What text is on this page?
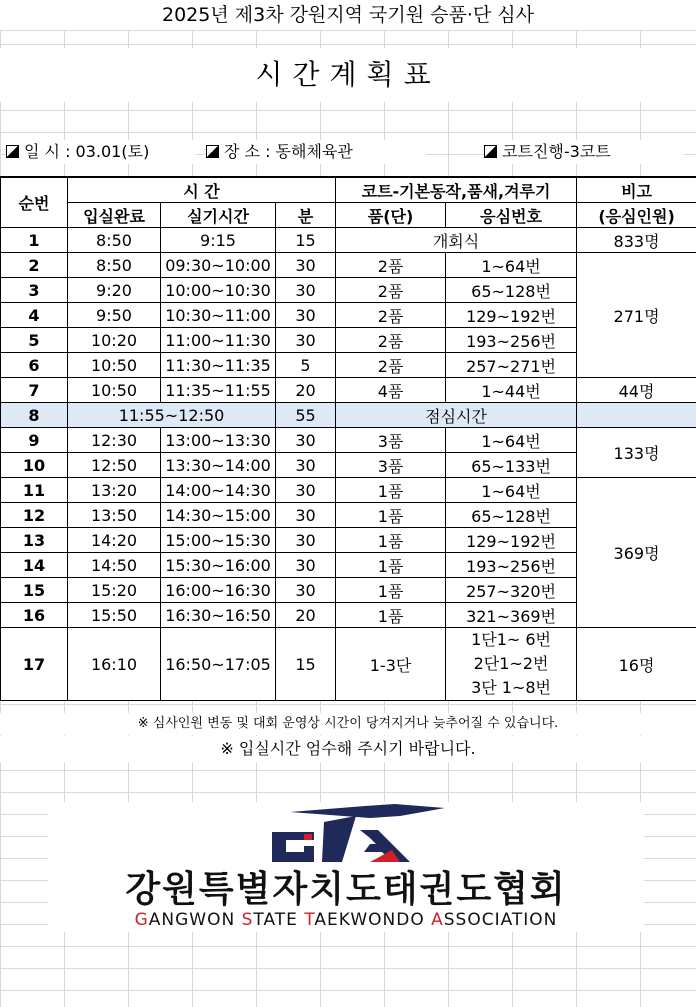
2025년 제3차 강원지역 국기원 승품·단 심사
시간계획표
일 시 : 03.01(토)	장 소 : 동해체육관	코트진행-3코트
순번	시 간			코트-기본동작,품새,겨루기		비고
	입실완료	실기시간	분	품(단)	응심번호	(응심인원)
1	8:50	9:15	15	개회식		833명
2	8:50	09:30~10:00	30	2품	1~64번	271명
3	9:20	10:00~10:30	30	2품	65~128번	
4	9:50	10:30~11:00	30	2품	129~192번	
5	10:20	11:00~11:30	30	2품	193~256번	
6	10:50	11:30~11:35	5	2품	257~271번	
7	10:50	11:35~11:55	20	4품	1~44번	44명
8	11:55~12:50		55	점심시간		
9	12:30	13:00~13:30	30	3품	1~64번	133명
10	12:50	13:30~14:00	30	3품	65~133번	
11	13:20	14:00~14:30	30	1품	1~64번	369명
12	13:50	14:30~15:00	30	1품	65~128번	
13	14:20	15:00~15:30	30	1품	129~192번	
14	14:50	15:30~16:00	30	1품	193~256번	
15	15:20	16:00~16:30	30	1품	257~320번	
16	15:50	16:30~16:50	20	1품	321~369번	
17	16:10	16:50~17:05	15	1-3단	1단1~ 6번
2단1~2번
3단 1~8번	16명
※ 심사인원 변동 및 대회 운영상 시간이 당겨지거나 늦추어질 수 있습니다.
※ 입실시간 엄수해 주시기 바랍니다.
강원특별자치도태권도협회
GANGWON STATE TAEKWONDO ASSOCIATION
